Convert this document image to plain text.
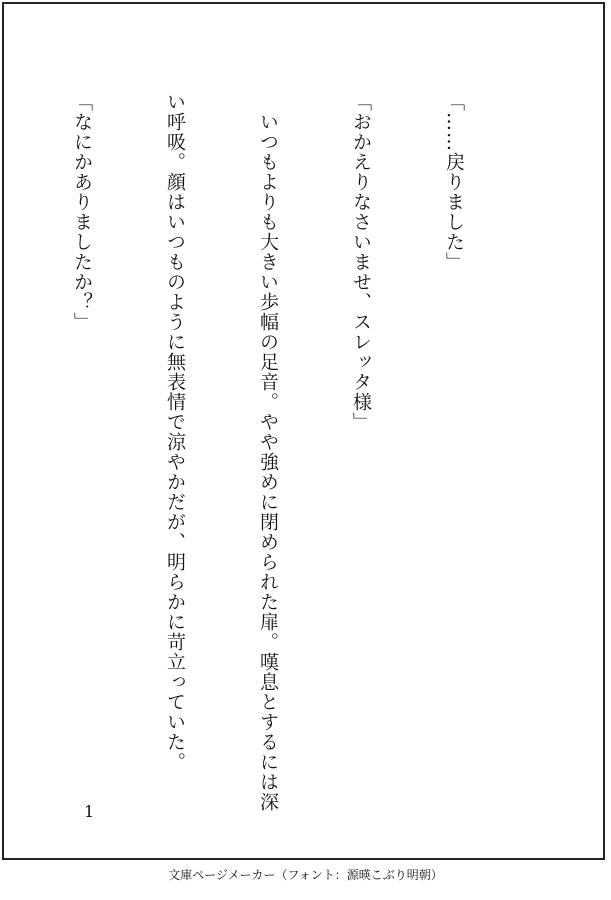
「……戻りました」

「おかえりなさいませ、スレッタ様」

　いつもよりも大きい歩幅の足音。やや強めに閉められた扉。嘆息とするには深

い呼吸。顔はいつものように無表情で涼やかだが、明らかに苛立っていた。

「なにかありましたか？」

1
文庫ページメーカー（フォント：源暎こぶり明朝）
